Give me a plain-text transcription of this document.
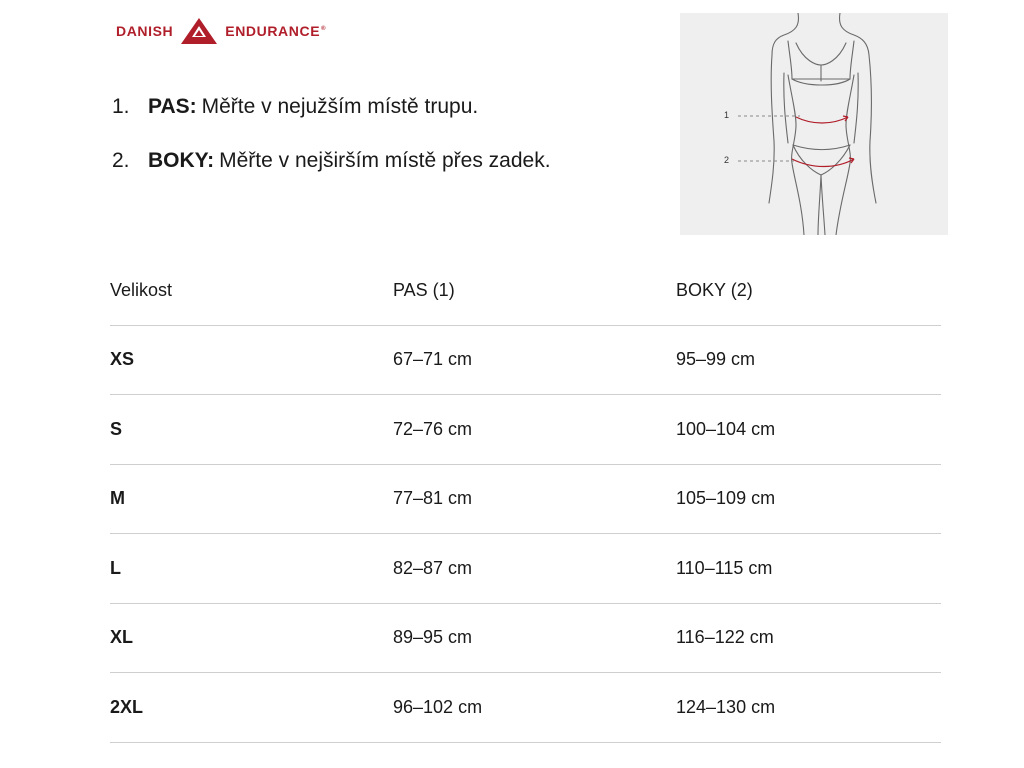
DANISH	ENDURANCE®
1. PAS: Měřte v nejužším místě trupu.
2. BOKY: Měřte v nejširším místě přes zadek.
1
2
Velikost	PAS (1)	BOKY (2)
XS	67–71 cm	95–99 cm
S	72–76 cm	100–104 cm
M	77–81 cm	105–109 cm
L	82–87 cm	110–115 cm
XL	89–95 cm	116–122 cm
2XL	96–102 cm	124–130 cm
